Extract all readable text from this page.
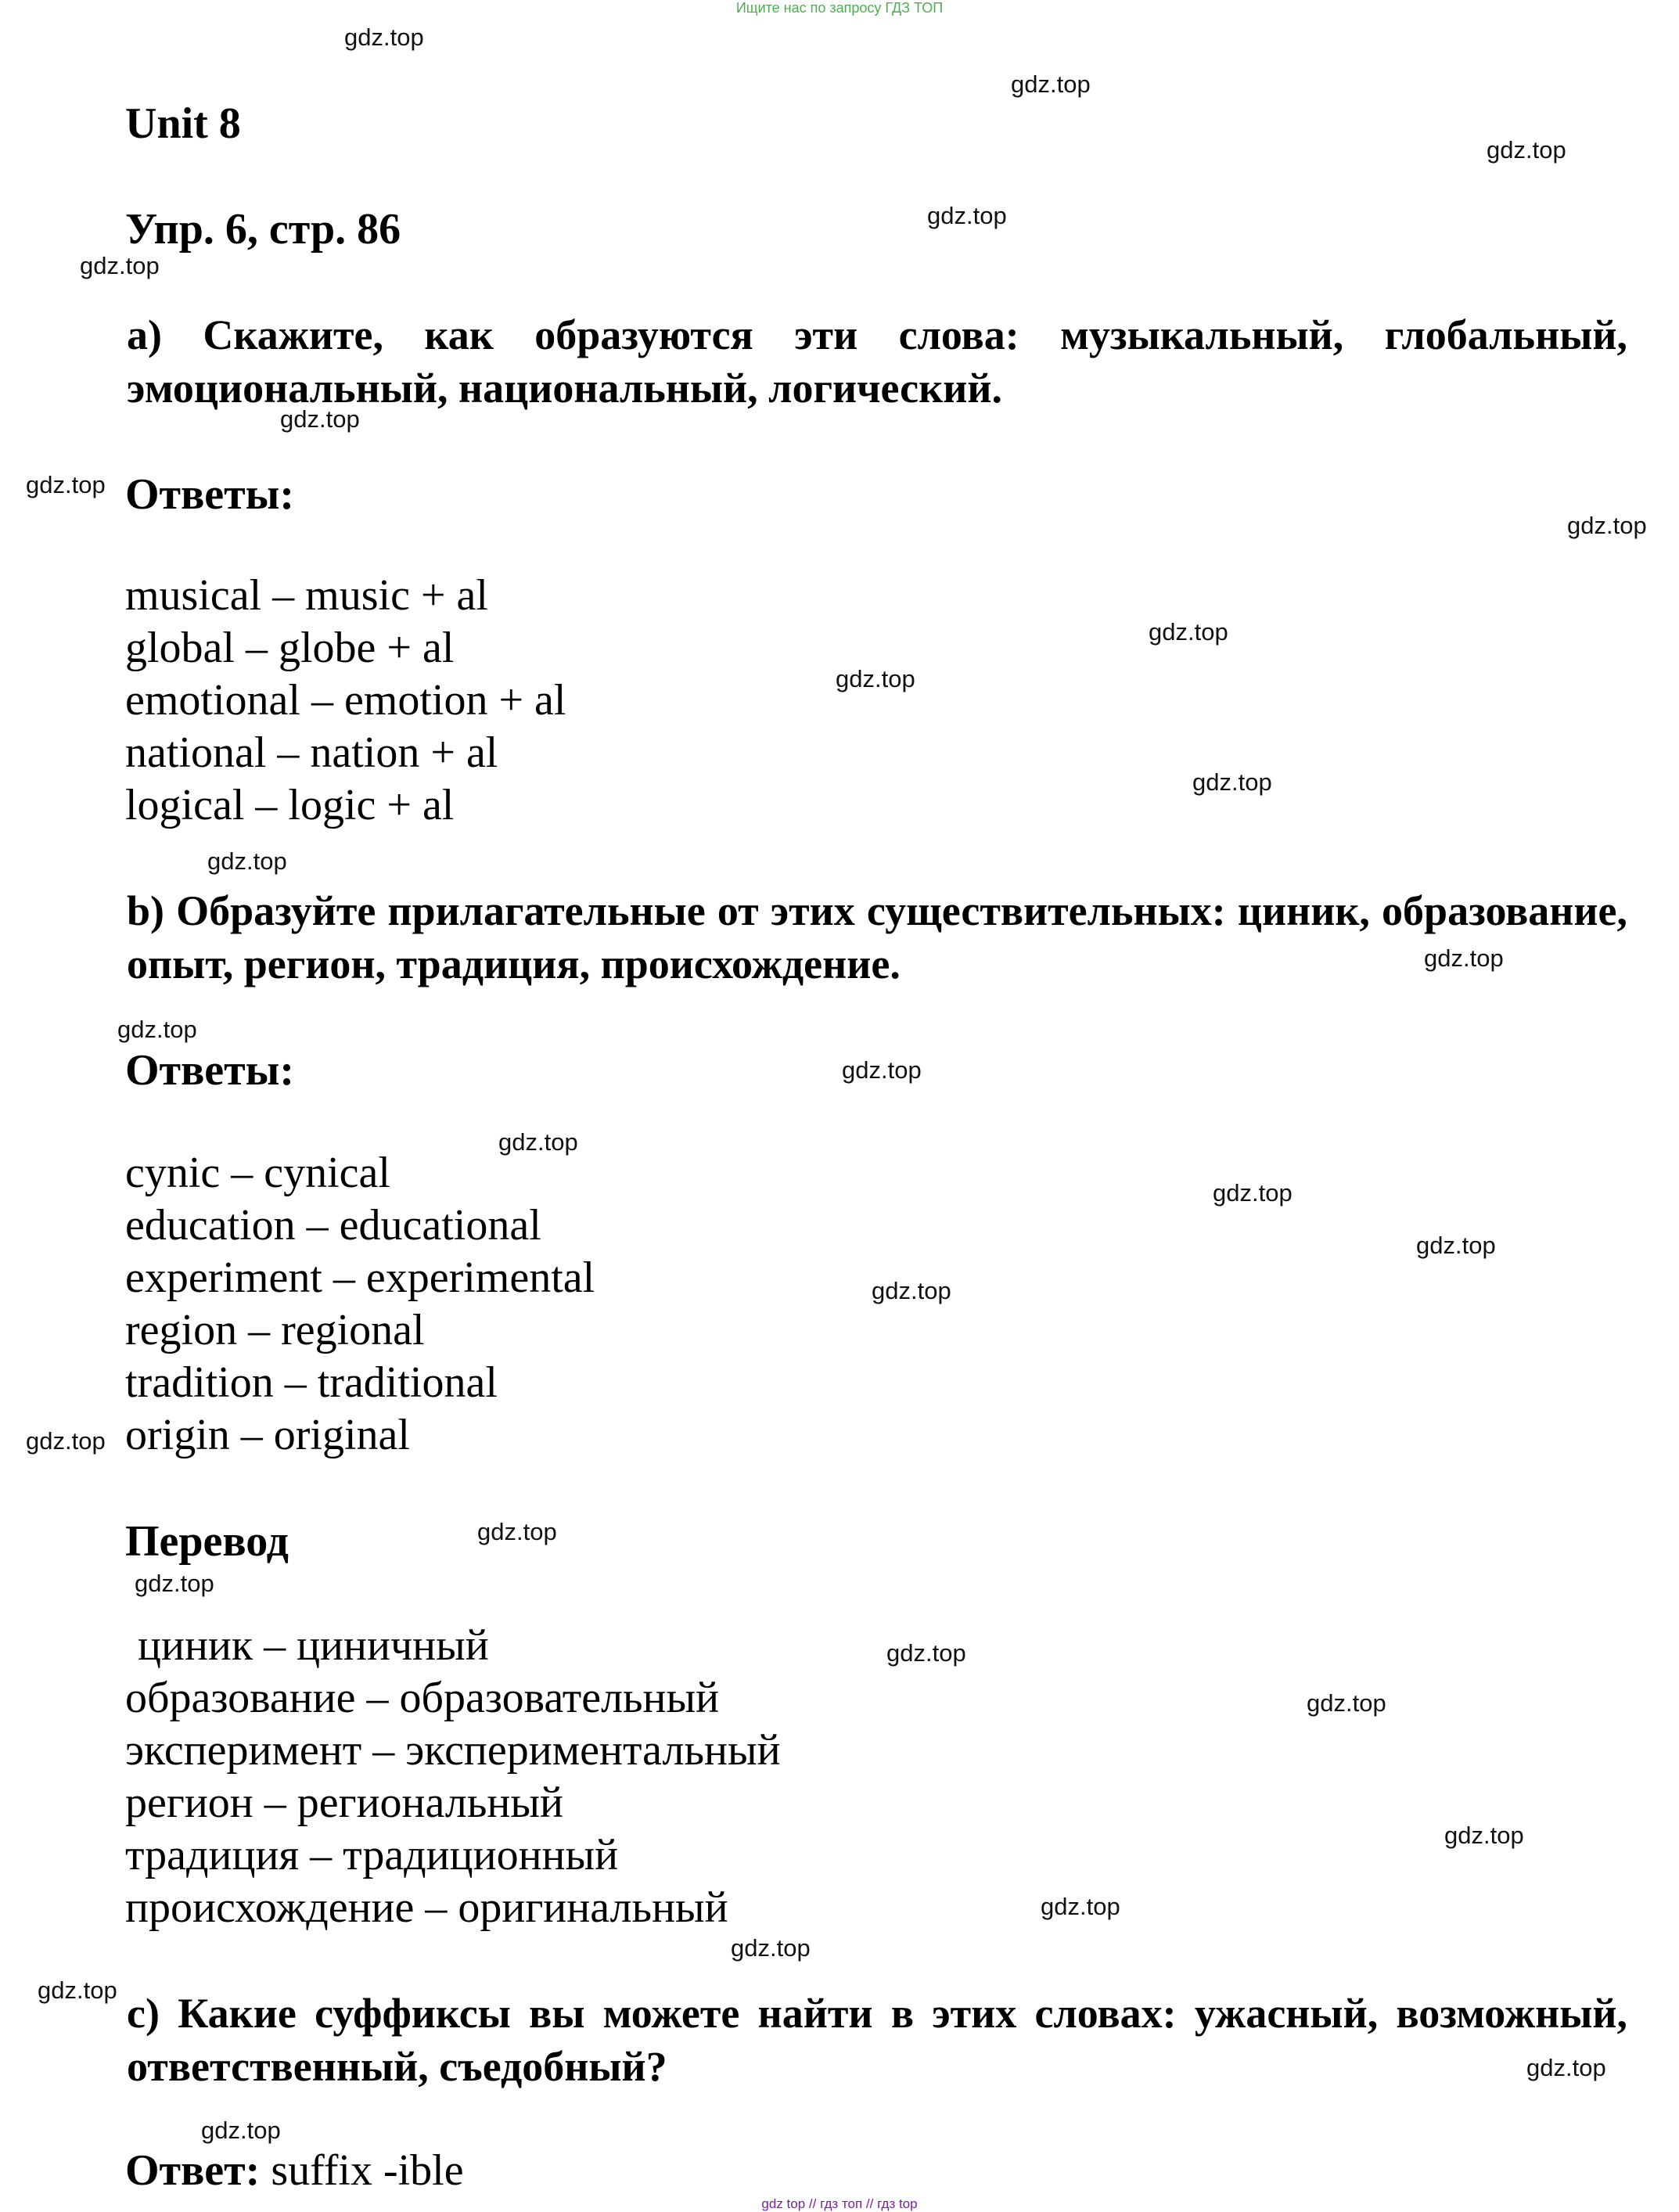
Ищите нас по запросу ГДЗ ТОП
Unit 8
Упр. 6, стр. 86
а) Скажите, как образуются эти слова: музыкальный, глобальный, эмоциональный, национальный, логический.
Ответы:
musical – music + al
global – globe + al
emotional – emotion + al
national – nation + al
logical – logic + al
b) Образуйте прилагательные от этих существительных: циник, образование, опыт, регион, традиция, происхождение.
Ответы:
cynic – cynical
education – educational
experiment – experimental
region – regional
tradition – traditional
origin – original
Перевод
циник – циничный
образование – образовательный
эксперимент – экспериментальный
регион – региональный
традиция – традиционный
происхождение – оригинальный
c) Какие суффиксы вы можете найти в этих словах: ужасный, возможный, ответственный, съедобный?
Ответ: suffix -ible
gdz.top
gdz.top
gdz.top
gdz.top
gdz.top
gdz.top
gdz.top
gdz.top
gdz.top
gdz.top
gdz.top
gdz.top
gdz.top
gdz.top
gdz.top
gdz.top
gdz.top
gdz.top
gdz.top
gdz.top
gdz.top
gdz.top
gdz.top
gdz.top
gdz.top
gdz.top
gdz.top
gdz.top
gdz.top
gdz.top
gdz top // гдз топ // гдз top
